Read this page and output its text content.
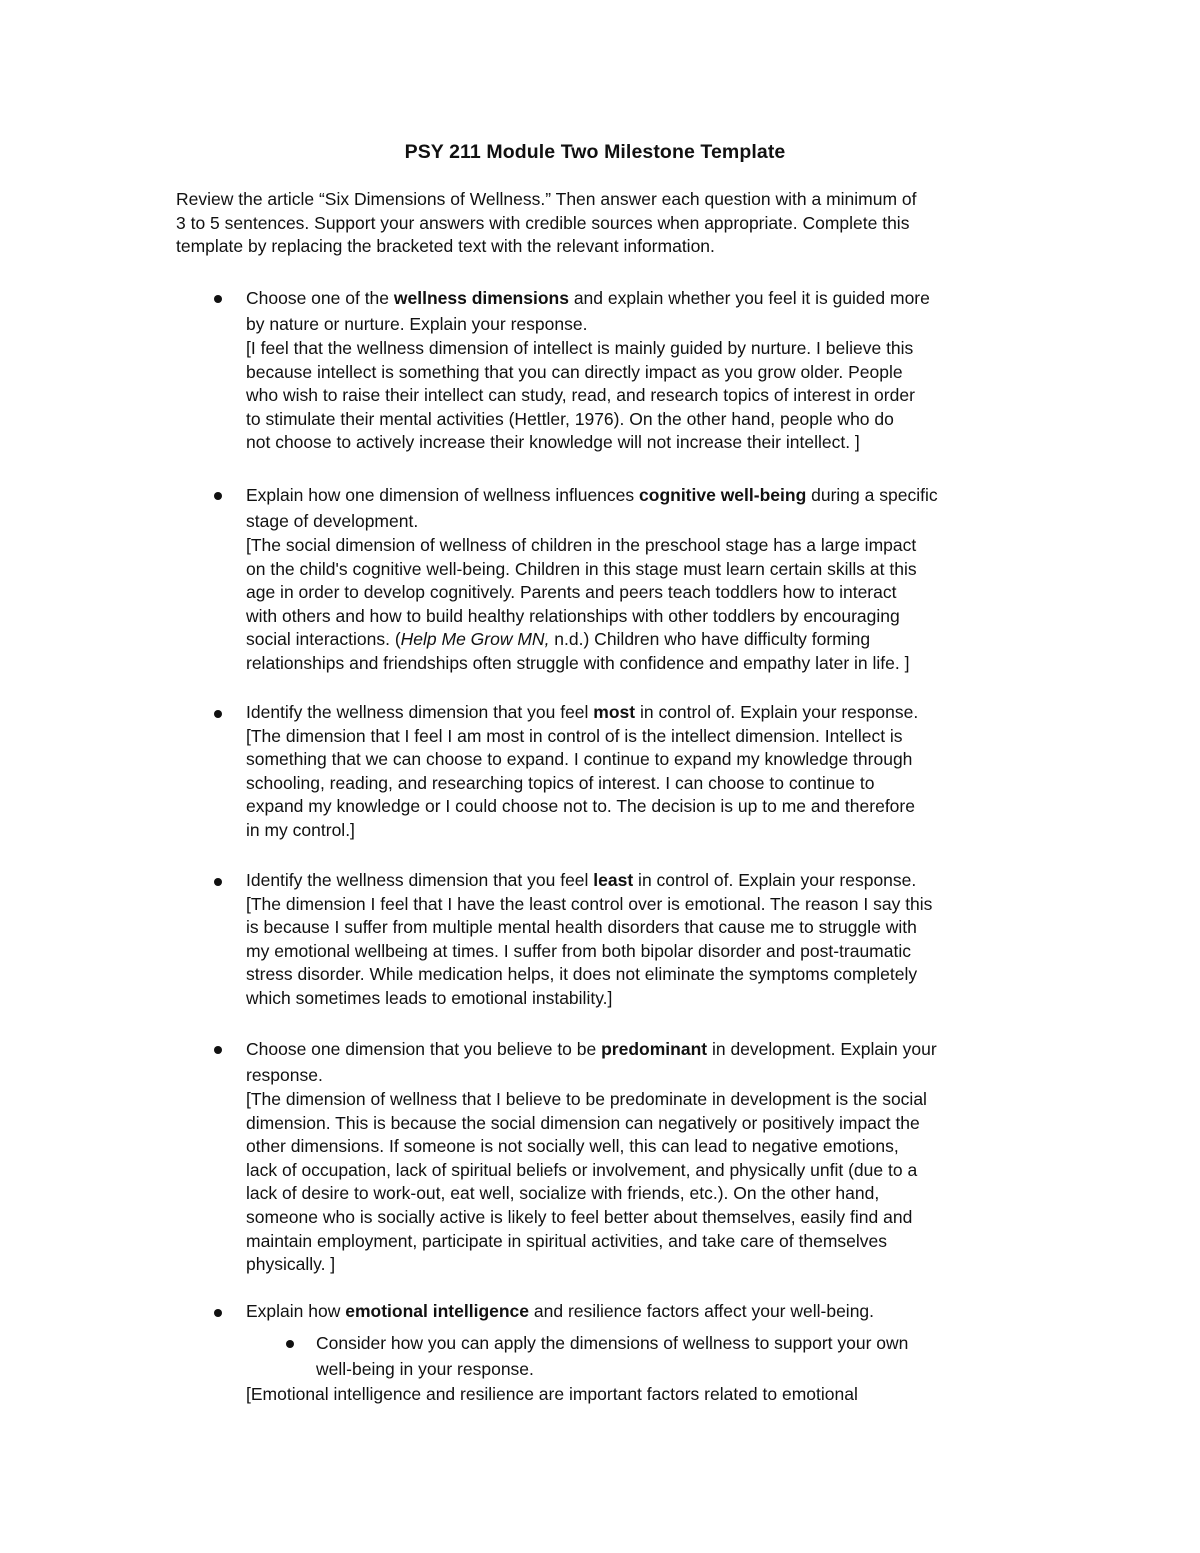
PSY 211 Module Two Milestone Template
Review the article “Six Dimensions of Wellness.” Then answer each question with a minimum of
3 to 5 sentences. Support your answers with credible sources when appropriate. Complete this
template by replacing the bracketed text with the relevant information.
Choose one of the wellness dimensions and explain whether you feel it is guided more
by nature or nurture. Explain your response.
[I feel that the wellness dimension of intellect is mainly guided by nurture. I believe this
because intellect is something that you can directly impact as you grow older. People
who wish to raise their intellect can study, read, and research topics of interest in order
to stimulate their mental activities (Hettler, 1976). On the other hand, people who do
not choose to actively increase their knowledge will not increase their intellect. ]
Explain how one dimension of wellness influences cognitive well-being during a specific
stage of development.
[The social dimension of wellness of children in the preschool stage has a large impact
on the child's cognitive well-being. Children in this stage must learn certain skills at this
age in order to develop cognitively. Parents and peers teach toddlers how to interact
with others and how to build healthy relationships with other toddlers by encouraging
social interactions. (Help Me Grow MN, n.d.) Children who have difficulty forming
relationships and friendships often struggle with confidence and empathy later in life. ]
Identify the wellness dimension that you feel most in control of. Explain your response.
[The dimension that I feel I am most in control of is the intellect dimension. Intellect is
something that we can choose to expand. I continue to expand my knowledge through
schooling, reading, and researching topics of interest. I can choose to continue to
expand my knowledge or I could choose not to. The decision is up to me and therefore
in my control.]
Identify the wellness dimension that you feel least in control of. Explain your response.
[The dimension I feel that I have the least control over is emotional. The reason I say this
is because I suffer from multiple mental health disorders that cause me to struggle with
my emotional wellbeing at times. I suffer from both bipolar disorder and post-traumatic
stress disorder. While medication helps, it does not eliminate the symptoms completely
which sometimes leads to emotional instability.]
Choose one dimension that you believe to be predominant in development. Explain your
response.
[The dimension of wellness that I believe to be predominate in development is the social
dimension. This is because the social dimension can negatively or positively impact the
other dimensions. If someone is not socially well, this can lead to negative emotions,
lack of occupation, lack of spiritual beliefs or involvement, and physically unfit (due to a
lack of desire to work-out, eat well, socialize with friends, etc.). On the other hand,
someone who is socially active is likely to feel better about themselves, easily find and
maintain employment, participate in spiritual activities, and take care of themselves
physically. ]
Explain how emotional intelligence and resilience factors affect your well-being.
Consider how you can apply the dimensions of wellness to support your own
well-being in your response.
[Emotional intelligence and resilience are important factors related to emotional
